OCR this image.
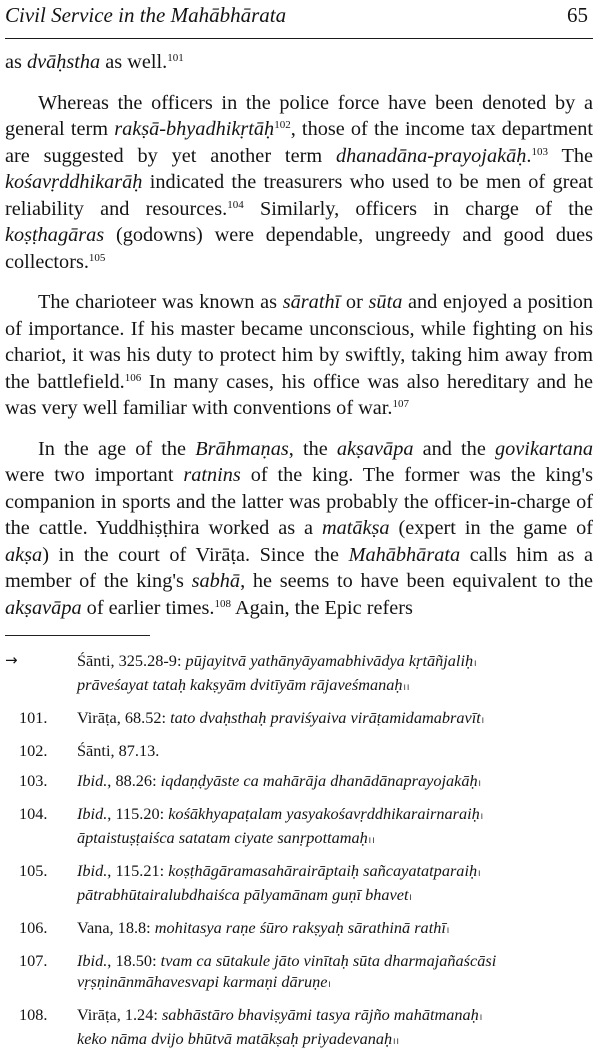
Civil Service in the Mahābhārata	65

as dvāḥstha as well.$^{101}$

Whereas the officers in the police force have been denoted by a general term rakṣā-bhyadhikṛtāḥ$^{102}$, those of the income tax department are suggested by yet another term dhanadāna-prayojakāḥ.$^{103}$ The kośavṛddhikarāḥ indicated the treasurers who used to be men of great reliability and resources.$^{104}$ Similarly, officers in charge of the koṣṭhagāras (godowns) were dependable, ungreedy and good dues collectors.$^{105}$

The charioteer was known as sārathī or sūta and enjoyed a position of importance. If his master became unconscious, while fighting on his chariot, it was his duty to protect him by swiftly, taking him away from the battlefield.$^{106}$ In many cases, his office was also hereditary and he was very well familiar with conventions of war.$^{107}$

In the age of the Brāhmaṇas, the akṣavāpa and the govikartana were two important ratnins of the king. The former was the king's companion in sports and the latter was probably the officer-in-charge of the cattle. Yuddhiṣṭhira worked as a matākṣa (expert in the game of akṣa) in the court of Virāṭa. Since the Mahābhārata calls him as a member of the king's sabhā, he seems to have been equivalent to the akṣavāpa of earlier times.$^{108}$ Again, the Epic refers

→	Śānti, 325.28-9: pūjayitvā yathānyāyamabhivādya kṛtāñjaliḥ।
prāveśayat tataḥ kakṣyām dvitīyām rājaveśmanaḥ।।
101.	Virāṭa, 68.52: tato dvaḥsthaḥ praviśyaiva virāṭamidamabravīt।
102.	Śānti, 87.13.
103.	Ibid., 88.26: iqdaṇḍyāste ca mahārāja dhanādānaprayojakāḥ।
104.	Ibid., 115.20: kośākhyapaṭalam yasyakośavṛddhikarairnaraiḥ।
āptaistuṣṭaiśca satatam ciyate sanṛpottamaḥ।।
105.	Ibid., 115.21: koṣṭhāgāramasahārairāptaiḥ sañcayatatparaiḥ।
pātrabhūtairalubdhaiśca pālyamānam guṇī bhavet।
106.	Vana, 18.8: mohitasya raṇe śūro rakṣyaḥ sārathinā rathī।
107.	Ibid., 18.50: tvam ca sūtakule jāto vinītaḥ sūta dharmajañaścāsi
vṛṣṇinānmāhavesvapi karmaṇi dāruṇe।
108.	Virāṭa, 1.24: sabhāstāro bhaviṣyāmi tasya rājño mahātmanaḥ।
keko nāma dvijo bhūtvā matākṣaḥ priyadevanaḥ।।
